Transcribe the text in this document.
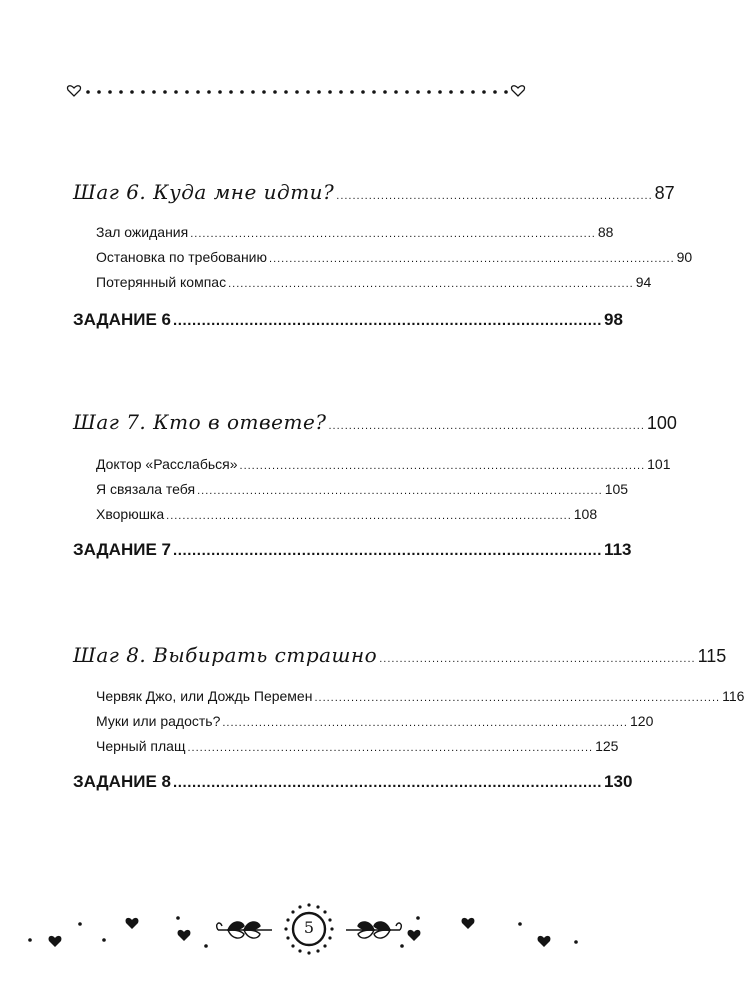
Шаг 6. Куда мне идти? .............................................................................. 87
Зал ожидания .................................................................................................... 88
Остановка по требованию .................................................................................................... 90
Потерянный компас .................................................................................................... 94
ЗАДАНИЕ 6 .......................................................................................... 98
Шаг 7. Кто в ответе? .............................................................................. 100
Доктор «Расслабься» .................................................................................................... 101
Я связала тебя .................................................................................................... 105
Хворюшка .................................................................................................... 108
ЗАДАНИЕ 7 .......................................................................................... 113
Шаг 8. Выбирать страшно .............................................................................. 115
Червяк Джо, или Дождь Перемен .................................................................................................... 116
Муки или радость? .................................................................................................... 120
Черный плащ .................................................................................................... 125
ЗАДАНИЕ 8 .......................................................................................... 130
5
